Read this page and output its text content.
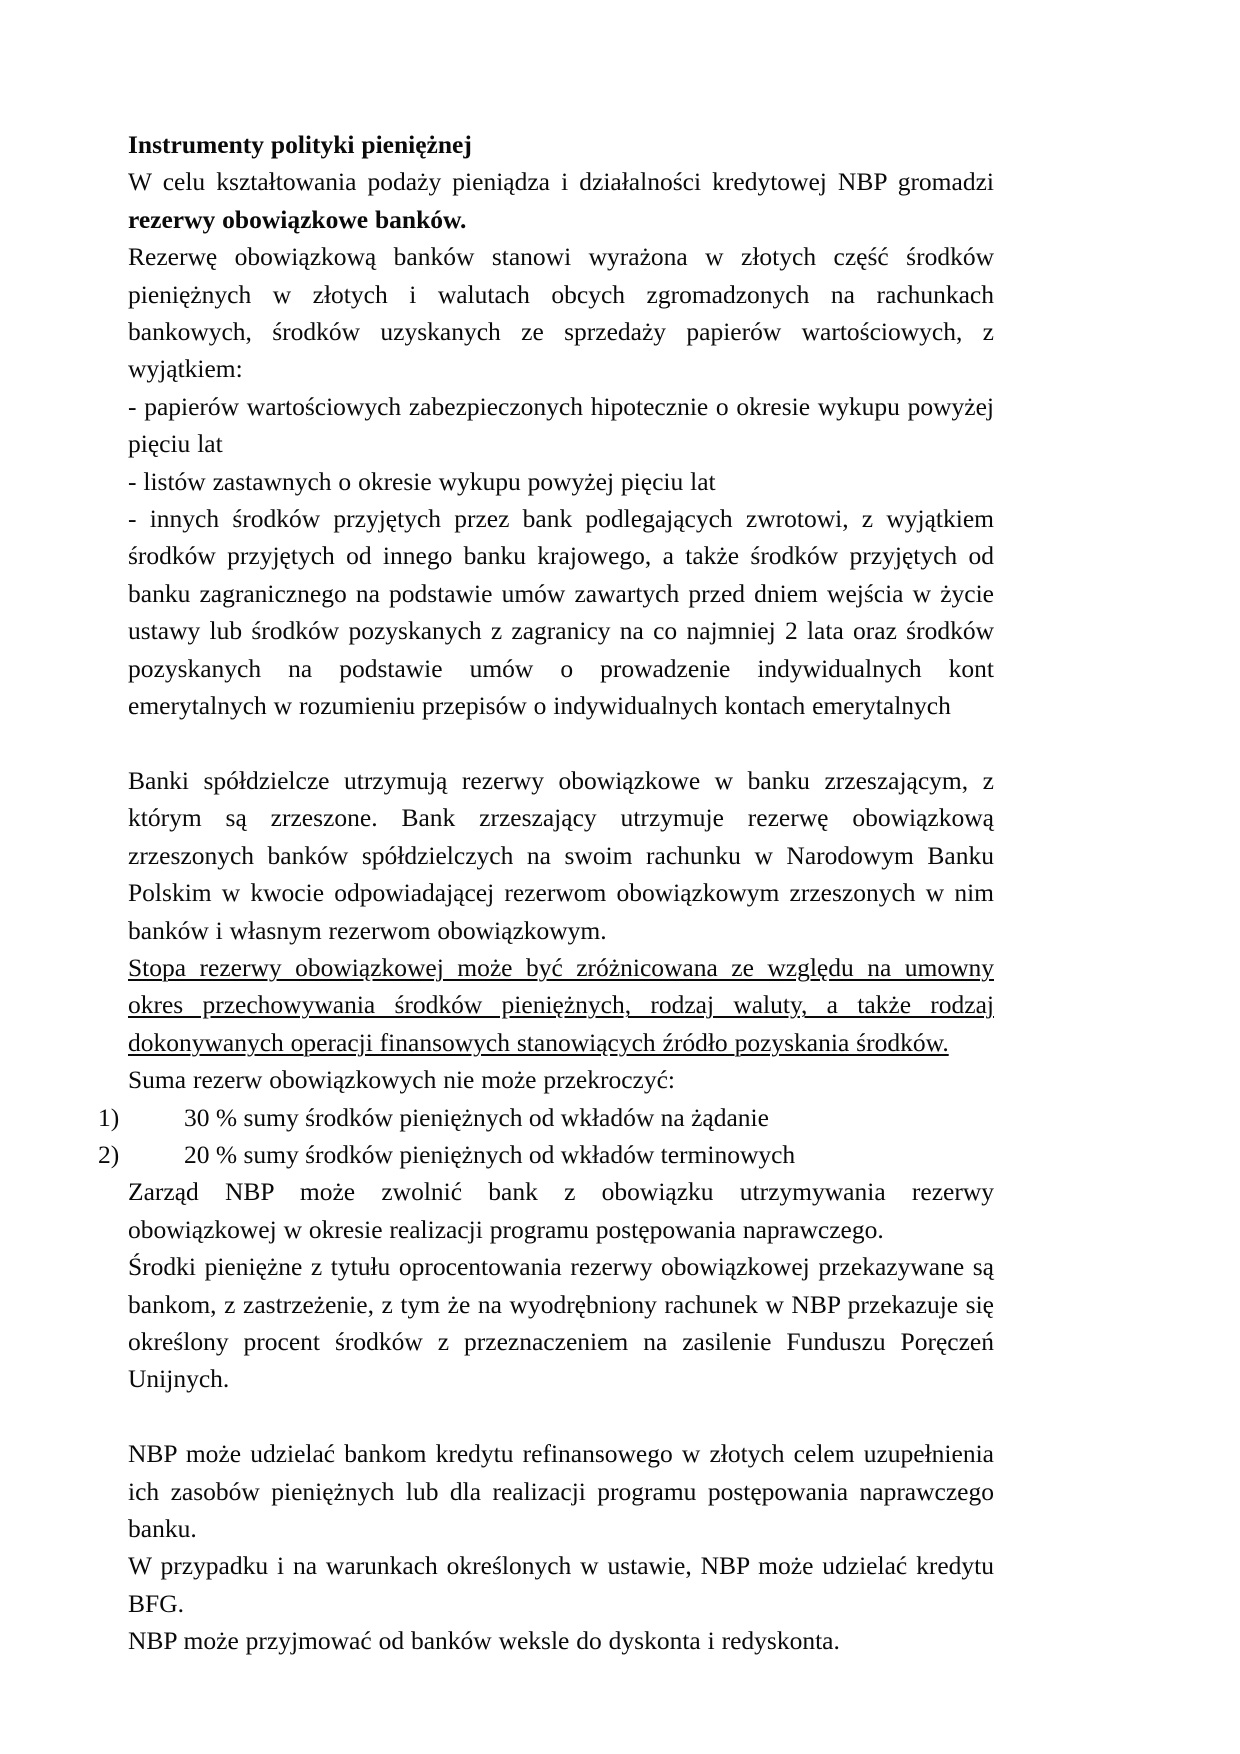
Instrumenty polityki pieniężnej

W celu kształtowania podaży pieniądza i działalności kredytowej NBP gromadzi rezerwy obowiązkowe banków.

Rezerwę obowiązkową banków stanowi wyrażona w złotych część środków pieniężnych w złotych i walutach obcych zgromadzonych na rachunkach bankowych, środków uzyskanych ze sprzedaży papierów wartościowych, z wyjątkiem:

- papierów wartościowych zabezpieczonych hipotecznie o okresie wykupu powyżej pięciu lat

- listów zastawnych o okresie wykupu powyżej pięciu lat

- innych środków przyjętych przez bank podlegających zwrotowi, z wyjątkiem środków przyjętych od innego banku krajowego, a także środków przyjętych od banku zagranicznego na podstawie umów zawartych przed dniem wejścia w życie ustawy lub środków pozyskanych z zagranicy na co najmniej 2 lata oraz środków pozyskanych na podstawie umów o prowadzenie indywidualnych kont emerytalnych w rozumieniu przepisów o indywidualnych kontach emerytalnych

Banki spółdzielcze utrzymują rezerwy obowiązkowe w banku zrzeszającym, z którym są zrzeszone. Bank zrzeszający utrzymuje rezerwę obowiązkową zrzeszonych banków spółdzielczych na swoim rachunku w Narodowym Banku Polskim w kwocie odpowiadającej rezerwom obowiązkowym zrzeszonych w nim banków i własnym rezerwom obowiązkowym.

Stopa rezerwy obowiązkowej może być zróżnicowana ze względu na umowny okres przechowywania środków pieniężnych, rodzaj waluty, a także rodzaj dokonywanych operacji finansowych stanowiących źródło pozyskania środków.

Suma rezerw obowiązkowych nie może przekroczyć:

1)	30 % sumy środków pieniężnych od wkładów na żądanie
2)	20 % sumy środków pieniężnych od wkładów terminowych

Zarząd NBP może zwolnić bank z obowiązku utrzymywania rezerwy obowiązkowej w okresie realizacji programu postępowania naprawczego.

Środki pieniężne z tytułu oprocentowania rezerwy obowiązkowej przekazywane są bankom, z zastrzeżenie, z tym że na wyodrębniony rachunek w NBP przekazuje się określony procent środków z przeznaczeniem na zasilenie Funduszu Poręczeń Unijnych.

NBP może udzielać bankom kredytu refinansowego w złotych celem uzupełnienia ich zasobów pieniężnych lub dla realizacji programu postępowania naprawczego banku.

W przypadku i na warunkach określonych w ustawie, NBP może udzielać kredytu BFG.

NBP może przyjmować od banków weksle do dyskonta i redyskonta.
